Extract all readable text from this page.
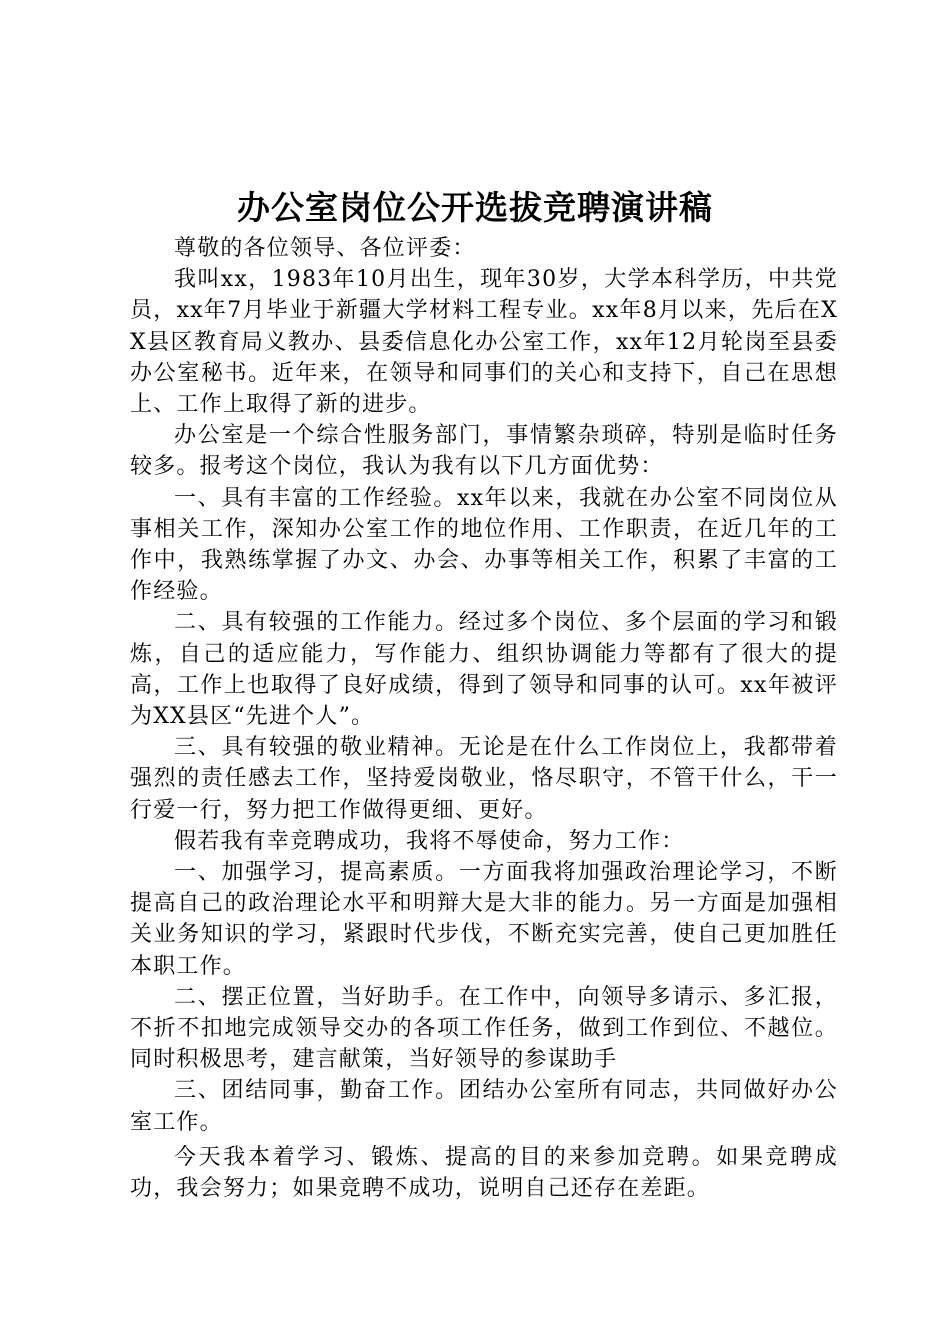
办公室岗位公开选拔竞聘演讲稿

尊敬的各位领导、各位评委：

我叫xx，1983年10月出生，现年30岁，大学本科学历，中共党员，xx年7月毕业于新疆大学材料工程专业。xx年8月以来，先后在XX县区教育局义教办、县委信息化办公室工作，xx年12月轮岗至县委办公室秘书。近年来，在领导和同事们的关心和支持下，自己在思想上、工作上取得了新的进步。

办公室是一个综合性服务部门，事情繁杂琐碎，特别是临时任务较多。报考这个岗位，我认为我有以下几方面优势：

一、具有丰富的工作经验。xx年以来，我就在办公室不同岗位从事相关工作，深知办公室工作的地位作用、工作职责，在近几年的工作中，我熟练掌握了办文、办会、办事等相关工作，积累了丰富的工作经验。

二、具有较强的工作能力。经过多个岗位、多个层面的学习和锻炼，自己的适应能力，写作能力、组织协调能力等都有了很大的提高，工作上也取得了良好成绩，得到了领导和同事的认可。xx年被评为XX县区“先进个人”。

三、具有较强的敬业精神。无论是在什么工作岗位上，我都带着强烈的责任感去工作，坚持爱岗敬业，恪尽职守，不管干什么，干一行爱一行，努力把工作做得更细、更好。

假若我有幸竞聘成功，我将不辱使命，努力工作：

一、加强学习，提高素质。一方面我将加强政治理论学习，不断提高自己的政治理论水平和明辩大是大非的能力。另一方面是加强相关业务知识的学习，紧跟时代步伐，不断充实完善，使自己更加胜任本职工作。

二、摆正位置，当好助手。在工作中，向领导多请示、多汇报，不折不扣地完成领导交办的各项工作任务，做到工作到位、不越位。同时积极思考，建言献策，当好领导的参谋助手

三、团结同事，勤奋工作。团结办公室所有同志，共同做好办公室工作。

今天我本着学习、锻炼、提高的目的来参加竞聘。如果竞聘成功，我会努力；如果竞聘不成功，说明自己还存在差距。
